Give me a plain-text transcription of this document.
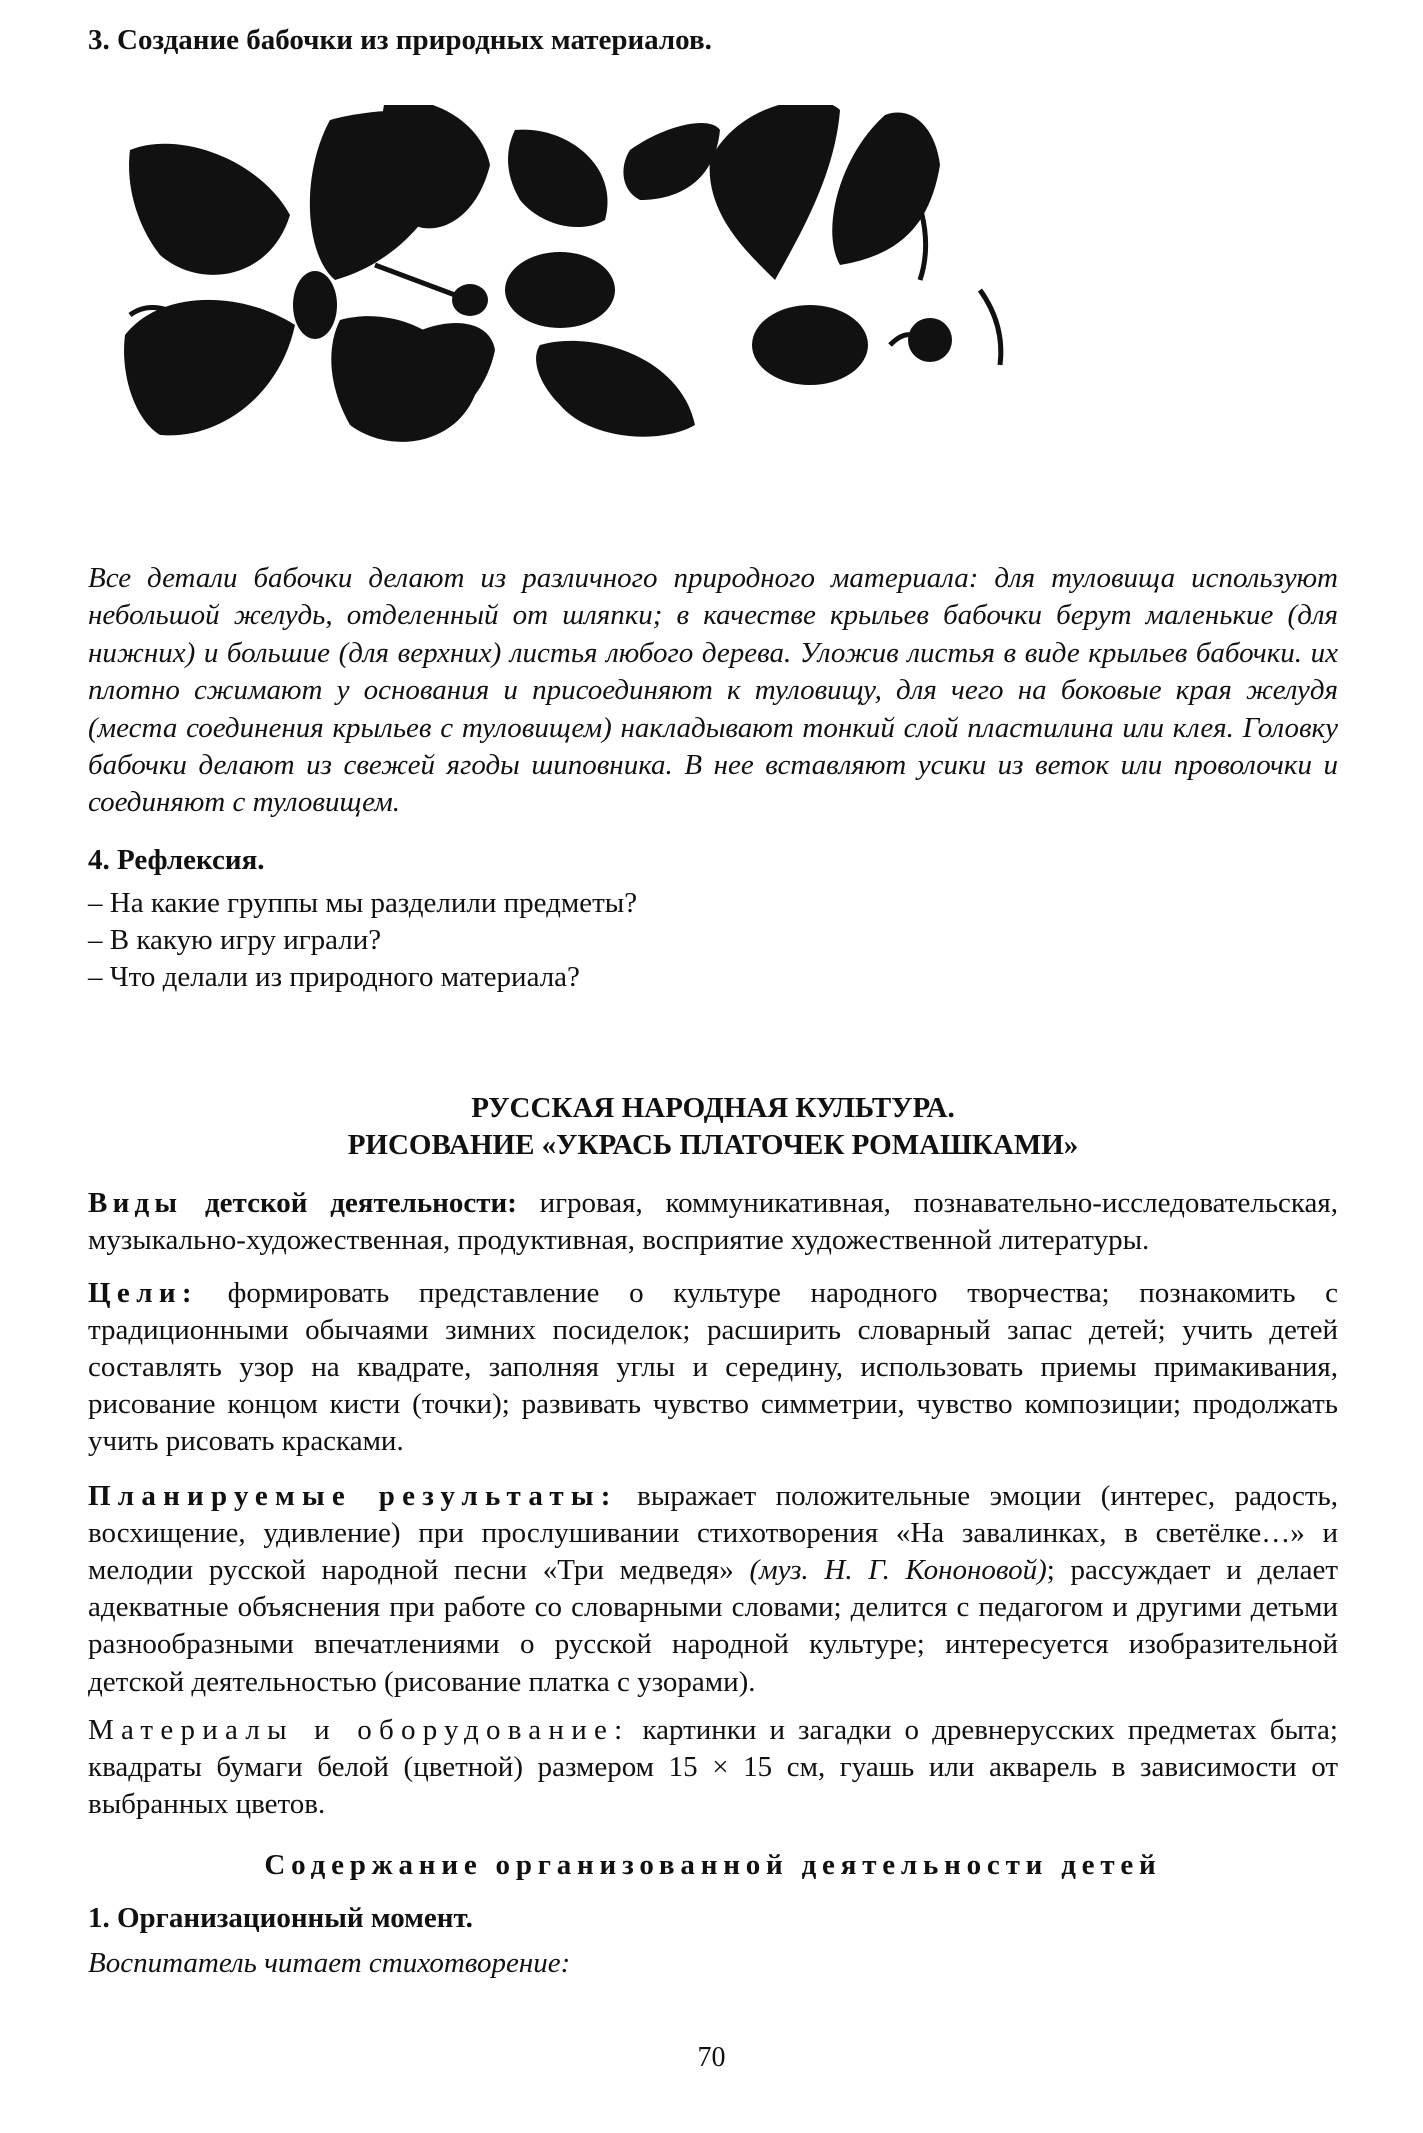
3. Создание бабочки из природных материалов.

Все детали бабочки делают из различного природного материала: для туловища используют небольшой желудь, отделенный от шляпки; в качестве крыльев бабочки берут маленькие (для нижних) и большие (для верхних) листья любого дерева. Уложив листья в виде крыльев бабочки. их плотно сжимают у основания и присоединяют к туловищу, для чего на боковые края желудя (места соединения крыльев с туловищем) накладывают тонкий слой пластилина или клея. Головку бабочки делают из свежей ягоды шиповника. В нее вставляют усики из веток или проволочки и соединяют с туловищем.

4. Рефлексия.
– На какие группы мы разделили предметы?
– В какую игру играли?
– Что делали из природного материала?
РУССКАЯ НАРОДНАЯ КУЛЬТУРА.
РИСОВАНИЕ «УКРАСЬ ПЛАТОЧЕК РОМАШКАМИ»

Виды детской деятельности: игровая, коммуникативная, познавательно-исследовательская, музыкально-художественная, продуктивная, восприятие художественной литературы.

Цели: формировать представление о культуре народного творчества; познакомить с традиционными обычаями зимних посиделок; расширить словарный запас детей; учить детей составлять узор на квадрате, заполняя углы и середину, использовать приемы примакивания, рисование концом кисти (точки); развивать чувство симметрии, чувство композиции; продолжать учить рисовать красками.

Планируемые результаты: выражает положительные эмоции (интерес, радость, восхищение, удивление) при прослушивании стихотворения «На завалинках, в светёлке…» и мелодии русской народной песни «Три медведя» (муз. Н. Г. Кононовой); рассуждает и делает адекватные объяснения при работе со словарными словами; делится с педагогом и другими детьми разнообразными впечатлениями о русской народной культуре; интересуется изобразительной детской деятельностью (рисование платка с узорами).

Материалы и оборудование: картинки и загадки о древнерусских предметах быта; квадраты бумаги белой (цветной) размером 15 × 15 см, гуашь или акварель в зависимости от выбранных цветов.

Содержание организованной деятельности детей
1. Организационный момент.
Воспитатель читает стихотворение:
70
